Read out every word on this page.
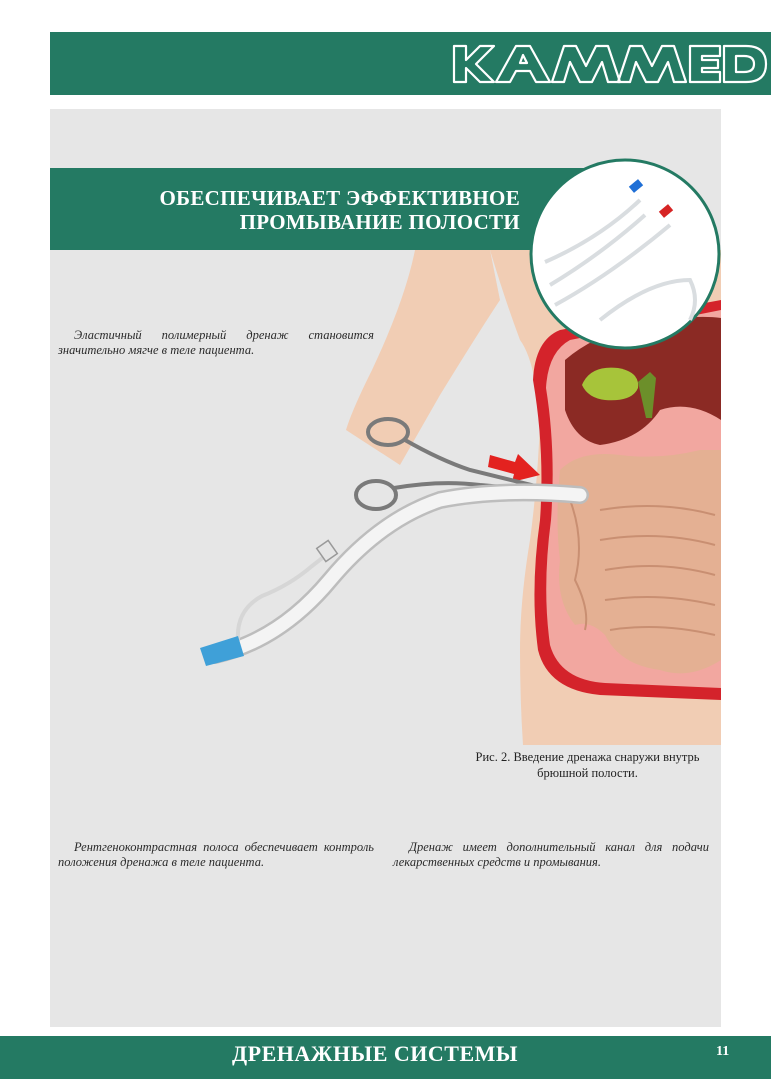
ОБЕСПЕЧИВАЕТ ЭФФЕКТИВНОЕ
ПРОМЫВАНИЕ ПОЛОСТИ
Эластичный полимерный дренаж становится значительно мягче в теле пациента.
Рис. 2. Введение дренажа снаружи внутрь брюшной полости.
Рентгеноконтрастная полоса обеспечивает контроль положения дренажа в теле пациента.
Дренаж имеет дополнительный канал для подачи лекарственных средств и промывания.
ДРЕНАЖНЫЕ СИСТЕМЫ	11
